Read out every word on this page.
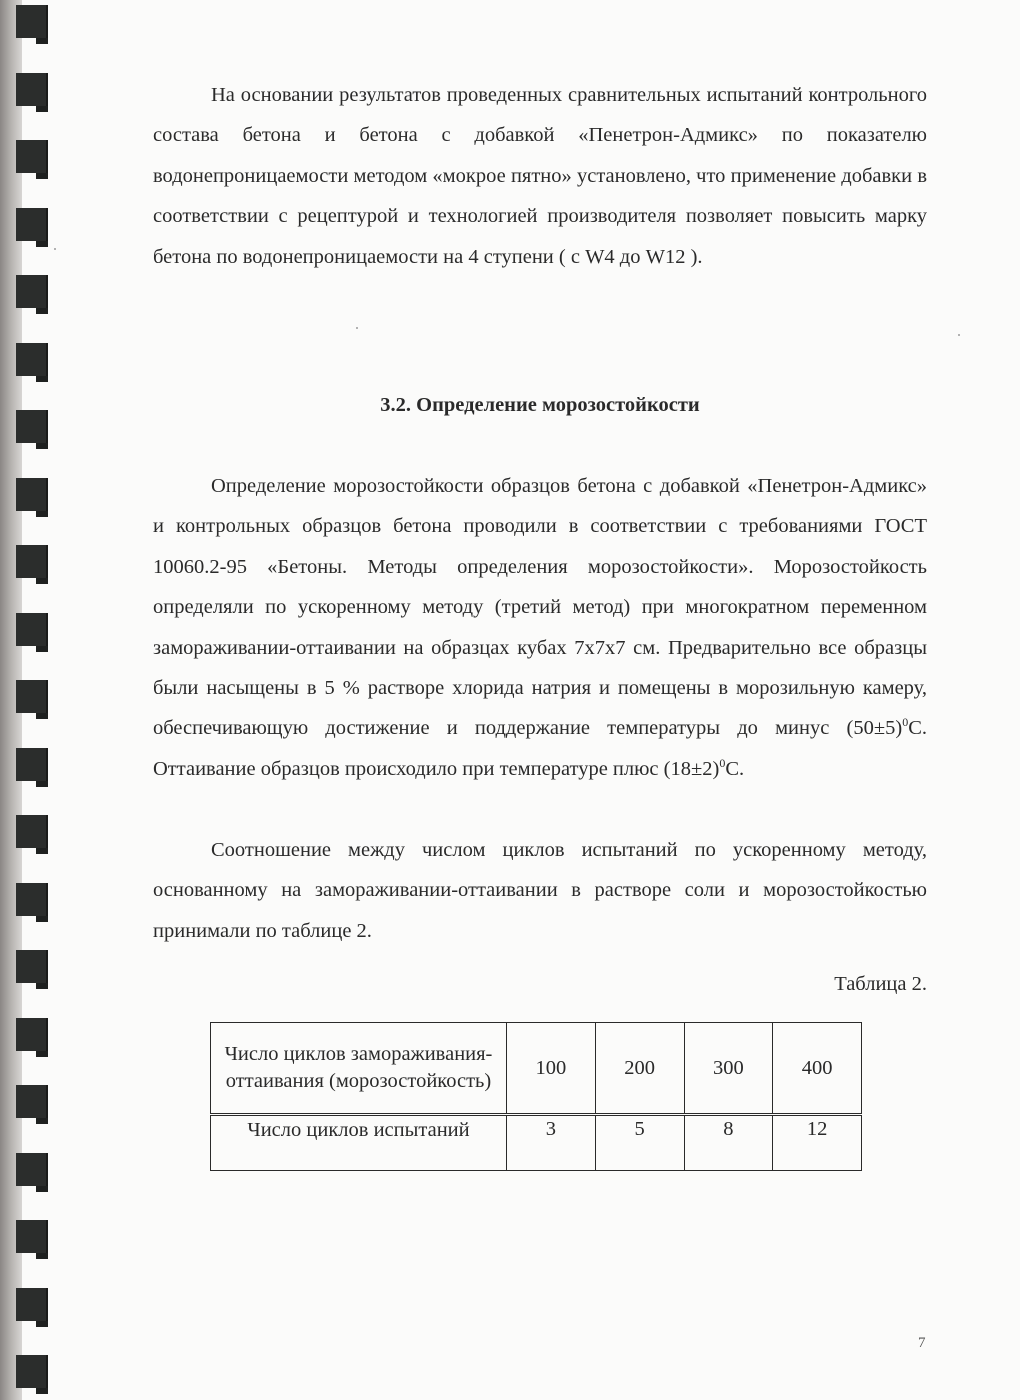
На основании результатов проведенных сравнительных испытаний контрольного состава бетона и бетона с добавкой «Пенетрон-Адмикс» по показателю водонепроницаемости методом «мокрое пятно» установлено, что применение добавки в соответствии с рецептурой и технологией производителя позволяет повысить марку бетона по водонепроницаемости на 4 ступени ( с W4 до W12 ).

3.2. Определение морозостойкости

Определение морозостойкости образцов бетона с добавкой «Пенетрон-Адмикс» и контрольных образцов бетона проводили в соответствии с требованиями ГОСТ 10060.2-95 «Бетоны. Методы определения морозостойкости». Морозостойкость определяли по ускоренному методу (третий метод) при многократном переменном замораживании-оттаивании на образцах кубах 7х7х7 см. Предварительно все образцы были насыщены в 5 % растворе хлорида натрия и помещены в морозильную камеру, обеспечивающую достижение и поддержание температуры до минус $(50\pm 5)^0С$. Оттаивание образцов происходило при температуре плюс $(18\pm 2)^0С$.

Соотношение между числом циклов испытаний по ускоренному методу, основанному на замораживании-оттаивании в растворе соли и морозостойкостью принимали по таблице 2.

Таблица 2.

Число циклов замораживания-оттаивания (морозостойкость)	100	200	300	400
Число циклов испытаний	3	5	8	12

7
